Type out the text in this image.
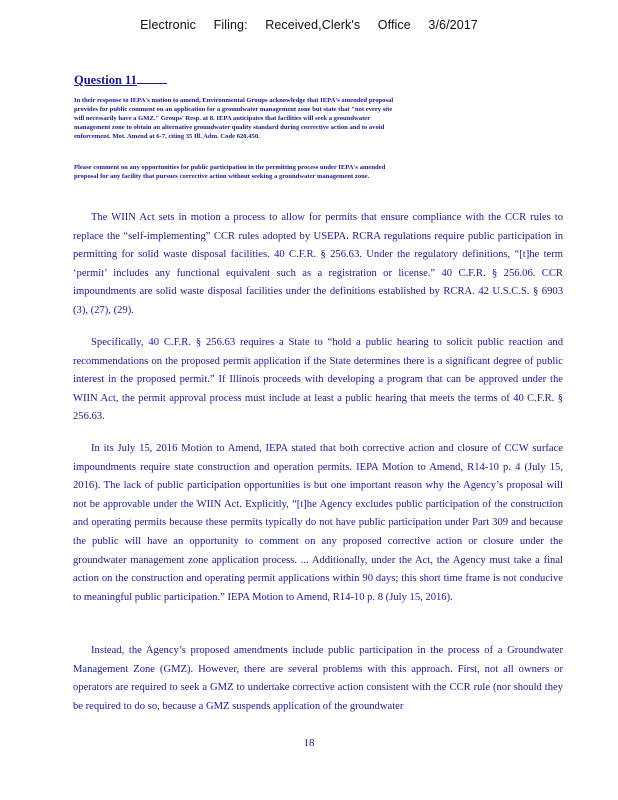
Electronic Filing: Received,Clerk's Office 3/6/2017
Question 11
In their response to IEPA's motion to amend, Environmental Groups acknowledge that IEPA's amended proposal provides for public comment on an application for a groundwater management zone but state that "not every site will necessarily have a GMZ." Groups' Resp. at 8. IEPA anticipates that facilities will seek a groundwater management zone to obtain an alternative groundwater quality standard during corrective action and to avoid enforcement. Mot. Amend at 6-7, citing 35 Ill. Adm. Code 620.450.
Please comment on any opportunities for public participation in the permitting process under IEPA's amended proposal for any facility that pursues corrective action without seeking a groundwater management zone.

The WIIN Act sets in motion a process to allow for permits that ensure compliance with the CCR rules to replace the “self-implementing” CCR rules adopted by USEPA. RCRA regulations require public participation in permitting for solid waste disposal facilities. 40 C.F.R. § 256.63. Under the regulatory definitions, “[t]he term ‘permit’ includes any functional equivalent such as a registration or license.” 40 C.F.R. § 256.06. CCR impoundments are solid waste disposal facilities under the definitions established by RCRA. 42 U.S.C.S. § 6903 (3), (27), (29).

Specifically, 40 C.F.R. § 256.63 requires a State to “hold a public hearing to solicit public reaction and recommendations on the proposed permit application if the State determines there is a significant degree of public interest in the proposed permit.” If Illinois proceeds with developing a program that can be approved under the WIIN Act, the permit approval process must include at least a public hearing that meets the terms of 40 C.F.R. § 256.63.

In its July 15, 2016 Motion to Amend, IEPA stated that both corrective action and closure of CCW surface impoundments require state construction and operation permits. IEPA Motion to Amend, R14-10 p. 4 (July 15, 2016). The lack of public participation opportunities is but one important reason why the Agency’s proposal will not be approvable under the WIIN Act. Explicitly, “[t]he Agency excludes public participation of the construction and operating permits because these permits typically do not have public participation under Part 309 and because the public will have an opportunity to comment on any proposed corrective action or closure under the groundwater management zone application process. ... Additionally, under the Act, the Agency must take a final action on the construction and operating permit applications within 90 days; this short time frame is not conducive to meaningful public participation.” IEPA Motion to Amend, R14-10 p. 8 (July 15, 2016).

Instead, the Agency’s proposed amendments include public participation in the process of a Groundwater Management Zone (GMZ). However, there are several problems with this approach. First, not all owners or operators are required to seek a GMZ to undertake corrective action consistent with the CCR rule (nor should they be required to do so, because a GMZ suspends application of the groundwater

18
